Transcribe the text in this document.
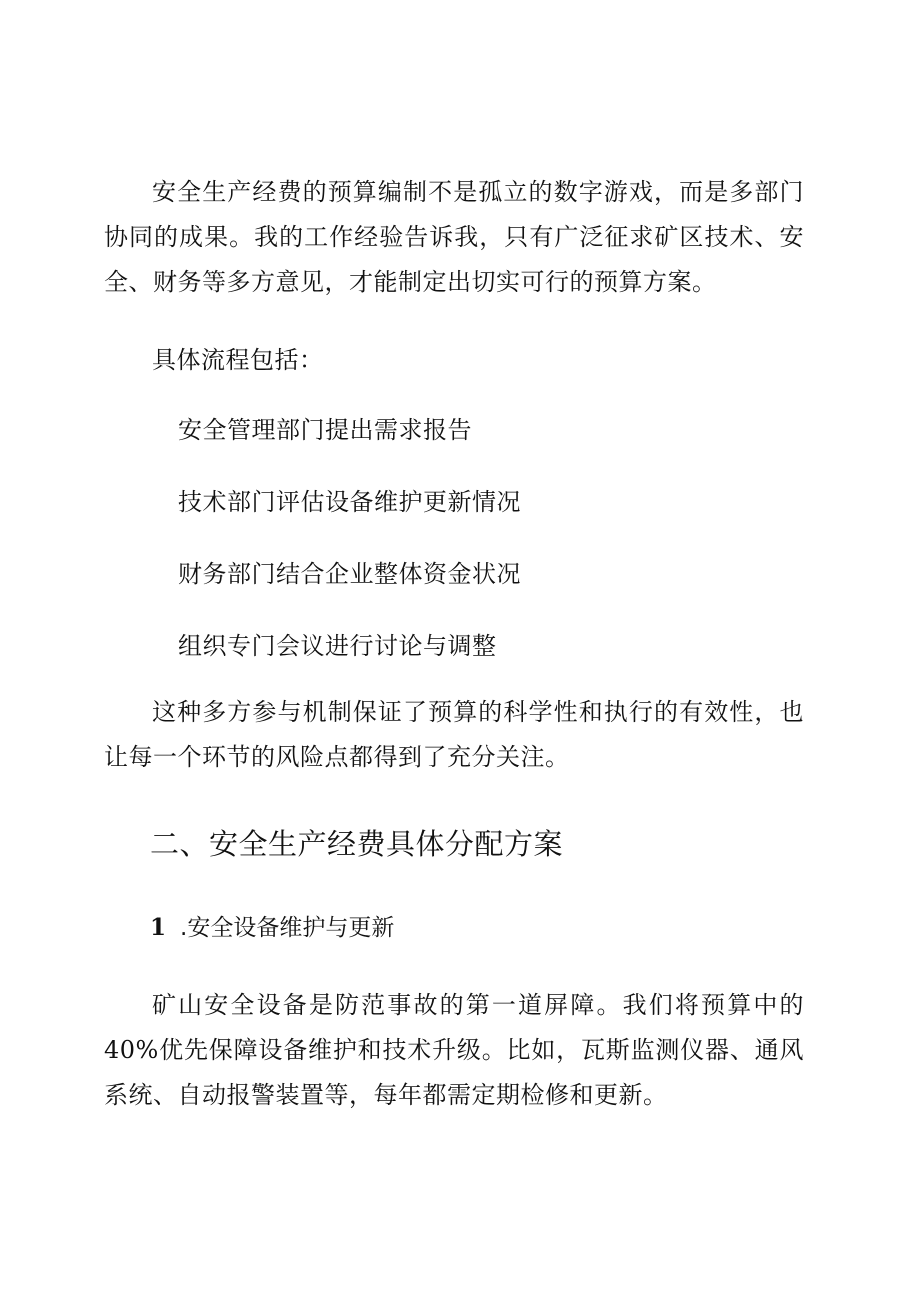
安全生产经费的预算编制不是孤立的数字游戏，而是多部门协同的成果。我的工作经验告诉我，只有广泛征求矿区技术、安全、财务等多方意见，才能制定出切实可行的预算方案。

具体流程包括：

安全管理部门提出需求报告
技术部门评估设备维护更新情况
财务部门结合企业整体资金状况
组织专门会议进行讨论与调整

这种多方参与机制保证了预算的科学性和执行的有效性，也让每一个环节的风险点都得到了充分关注。

二、安全生产经费具体分配方案
1 .安全设备维护与更新

矿山安全设备是防范事故的第一道屏障。我们将预算中的40%优先保障设备维护和技术升级。比如，瓦斯监测仪器、通风系统、自动报警装置等，每年都需定期检修和更新。
